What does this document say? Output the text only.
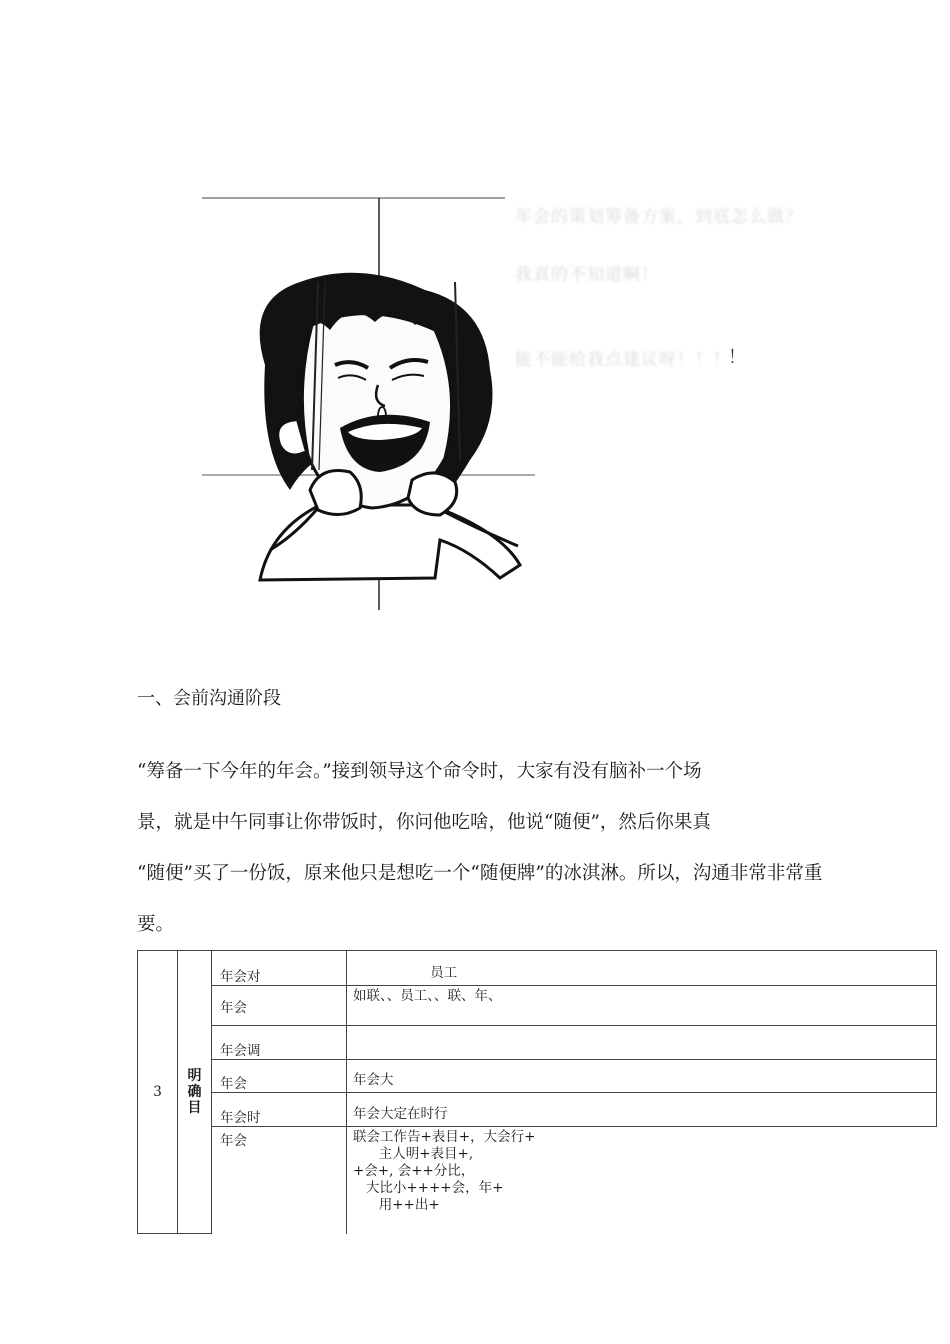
年会的策划筹备方案，到底怎么做？
我真的不知道啊！
能不能给我点建议呀！！！
！
一、会前沟通阶段
“筹备一下今年的年会。”接到领导这个命令时，大家有没有脑补一个场
景，就是中午同事让你带饭时，你问他吃啥，他说“随便”，然后你果真
“随便”买了一份饭，原来他只是想吃一个“随便牌”的冰淇淋。所以，沟通非常非常重
要。
3	明确目	年会对	员工

		年会	如联、、员工、、联、年、

		年会调	

		年会	年会大

		年会时	年会大定在时行

		年会	联会工作告+表目+，大会行+
主人明+表目+,
+会+, 会++分比，
大比小++++会，年+
用++出+
